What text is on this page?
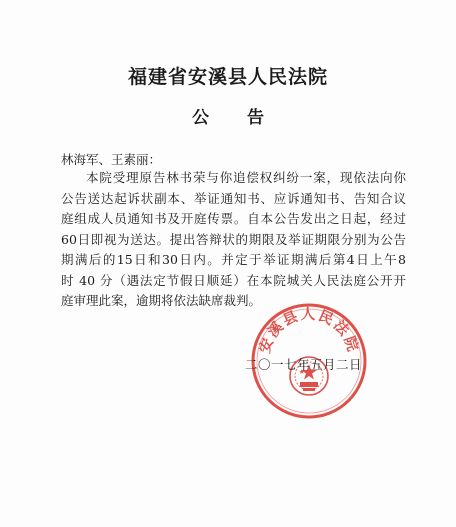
福建省安溪县人民法院
公 告
林海军、王素丽：
本院受理原告林书荣与你追偿权纠纷一案，现依法向你
公告送达起诉状副本、举证通知书、应诉通知书、告知合议
庭组成人员通知书及开庭传票。自本公告发出之日起，经过
60日即视为送达。提出答辩状的期限及举证期限分别为公告
期满后的15日和30日内。并定于举证期满后第4日上午8
时 40 分（遇法定节假日顺延）在本院城关人民法庭公开开
庭审理此案，逾期将依法缺席裁判。
安溪县人民法院
二〇一七年五月二日
